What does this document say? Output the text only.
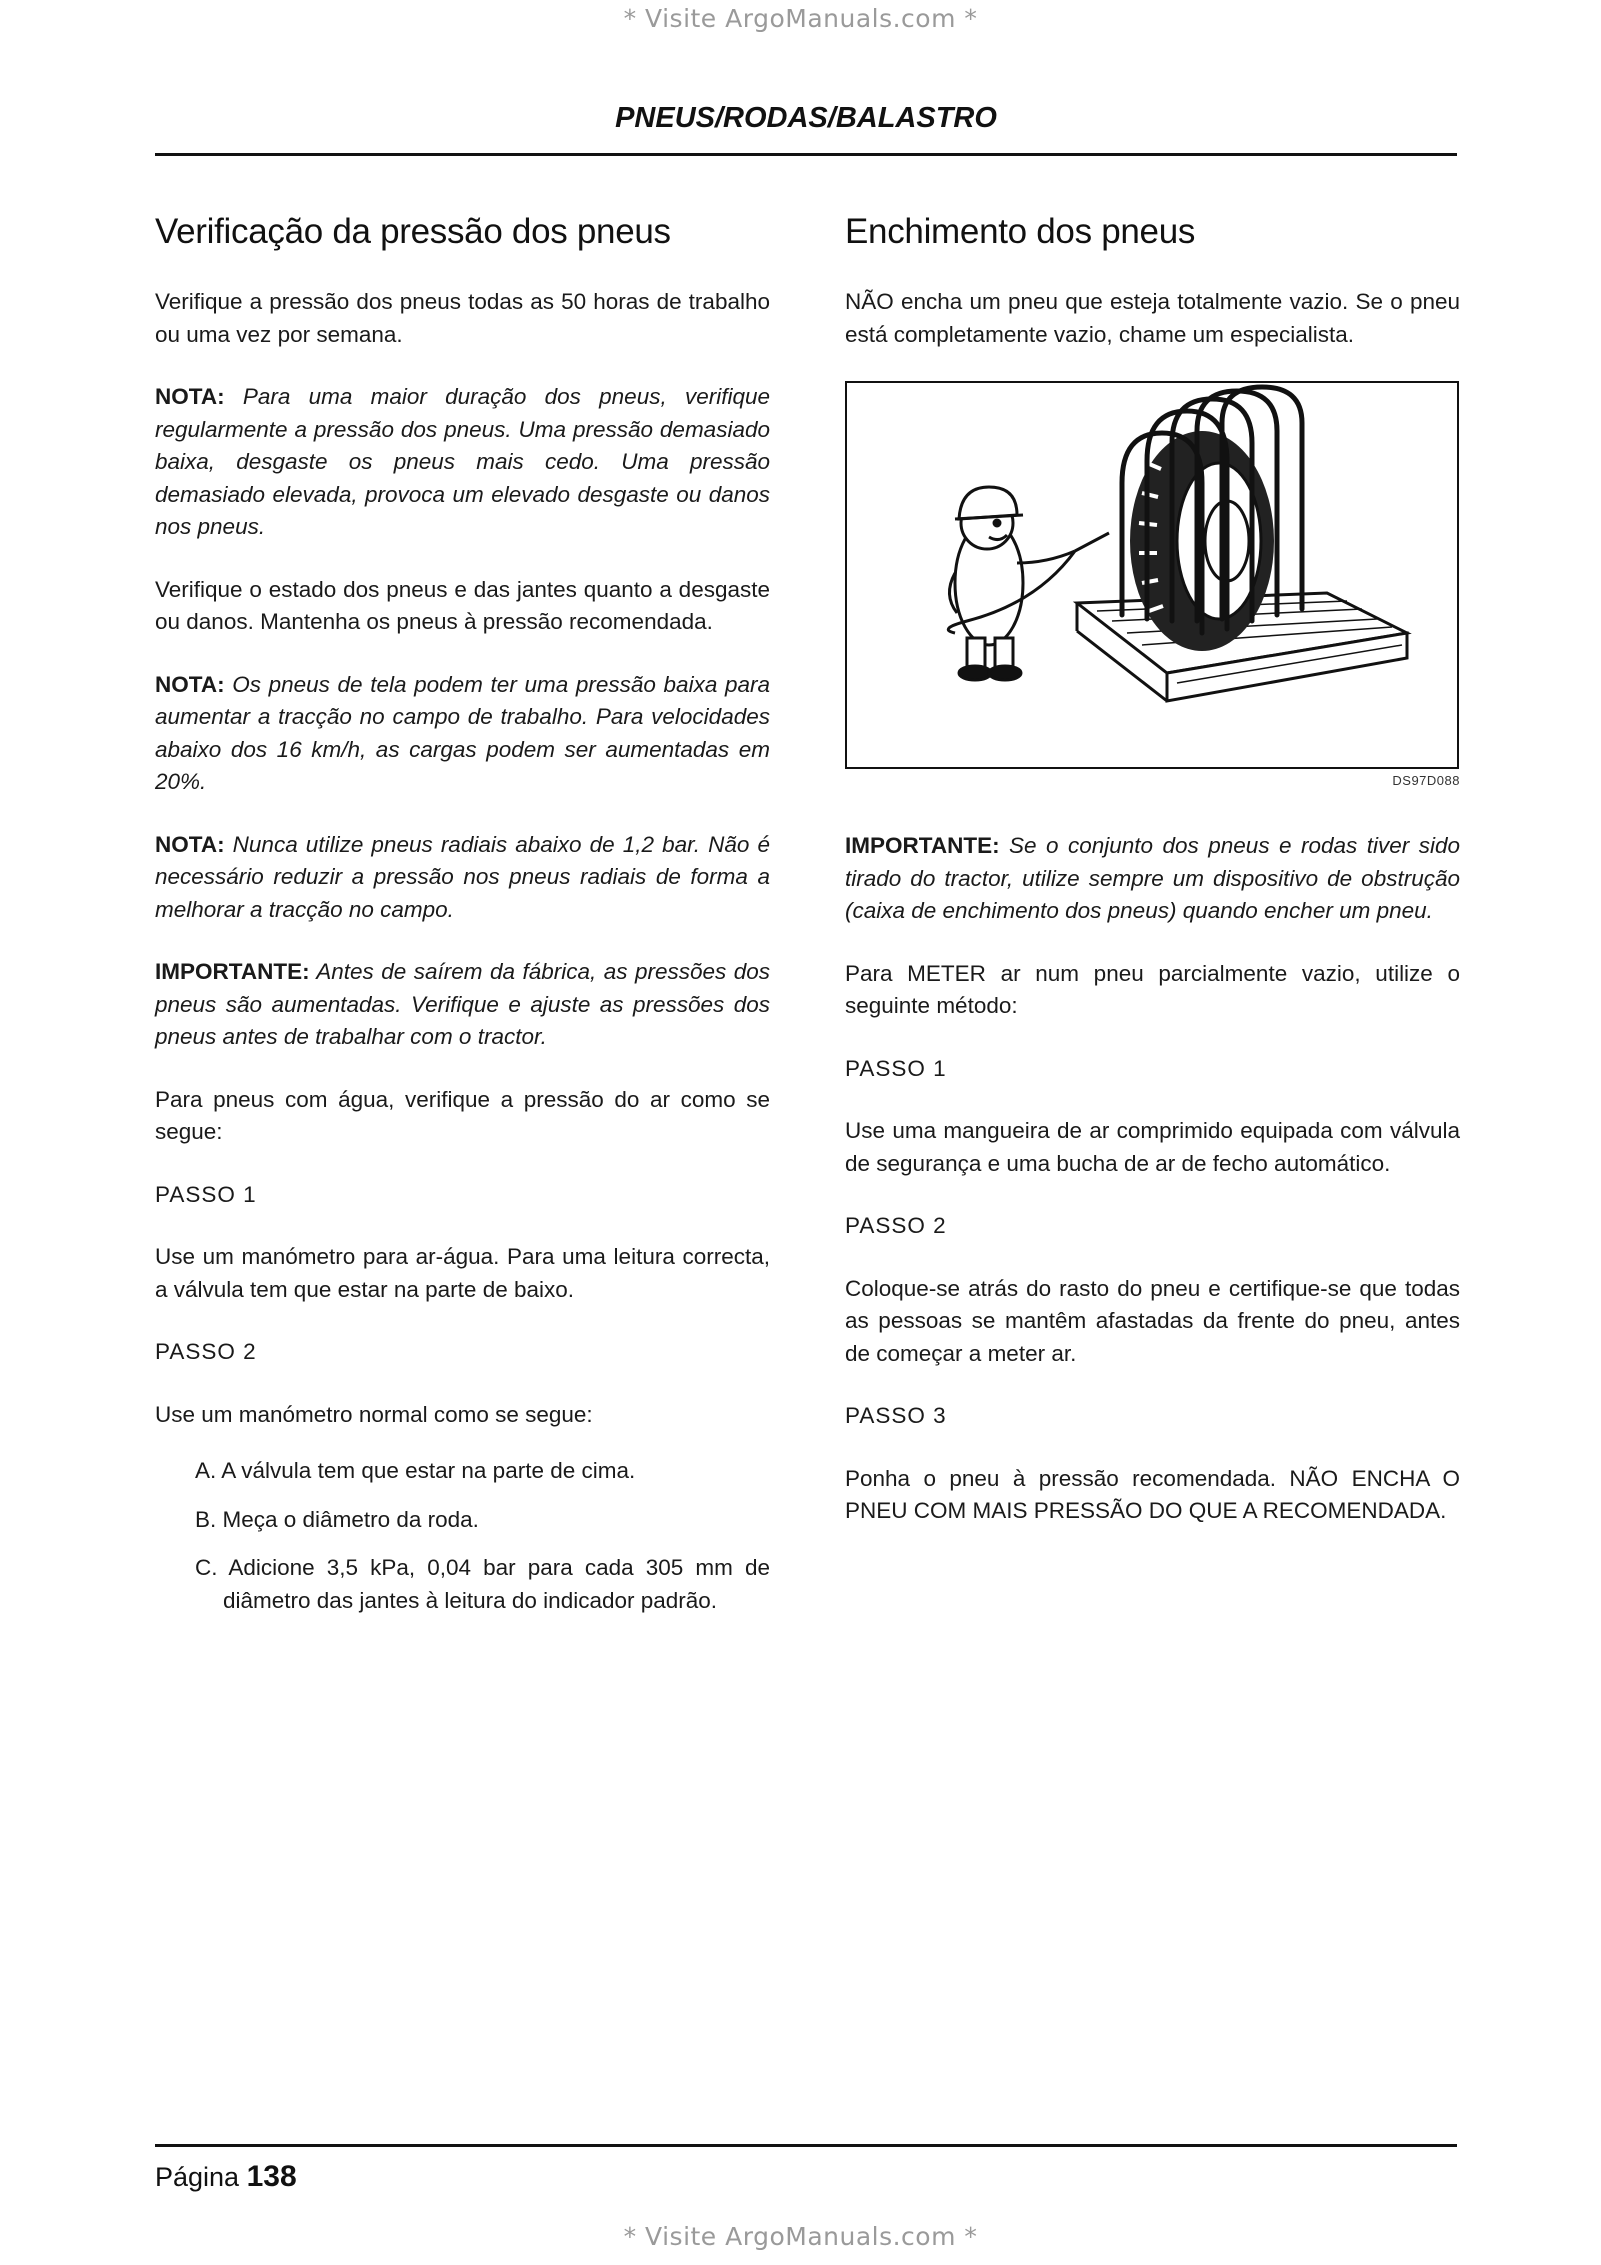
* Visite ArgoManuals.com *
PNEUS/RODAS/BALASTRO
Verificação da pressão dos pneus

Verifique a pressão dos pneus todas as 50 horas de trabalho ou uma vez por semana.

NOTA: Para uma maior duração dos pneus, verifique regularmente a pressão dos pneus. Uma pressão demasiado baixa, desgaste os pneus mais cedo. Uma pressão demasiado elevada, provoca um elevado desgaste ou danos nos pneus.

Verifique o estado dos pneus e das jantes quanto a desgaste ou danos. Mantenha os pneus à pressão recomendada.

NOTA: Os pneus de tela podem ter uma pressão baixa para aumentar a tracção no campo de trabalho. Para velocidades abaixo dos 16 km/h, as cargas podem ser aumentadas em 20%.

NOTA: Nunca utilize pneus radiais abaixo de 1,2 bar. Não é necessário reduzir a pressão nos pneus radiais de forma a melhorar a tracção no campo.

IMPORTANTE: Antes de saírem da fábrica, as pressões dos pneus são aumentadas. Verifique e ajuste as pressões dos pneus antes de trabalhar com o tractor.

Para pneus com água, verifique a pressão do ar como se segue:

PASSO 1

Use um manómetro para ar-água. Para uma leitura correcta, a válvula tem que estar na parte de baixo.

PASSO 2

Use um manómetro normal como se segue:

A. A válvula tem que estar na parte de cima.
B. Meça o diâmetro da roda.
C. Adicione 3,5 kPa, 0,04 bar para cada 305 mm de diâmetro das jantes à leitura do indicador padrão.
Enchimento dos pneus

NÃO encha um pneu que esteja totalmente vazio. Se o pneu está completamente vazio, chame um especialista.

DS97D088

IMPORTANTE: Se o conjunto dos pneus e rodas tiver sido tirado do tractor, utilize sempre um dispositivo de obstrução (caixa de enchimento dos pneus) quando encher um pneu.

Para METER ar num pneu parcialmente vazio, utilize o seguinte método:

PASSO 1

Use uma mangueira de ar comprimido equipada com válvula de segurança e uma bucha de ar de fecho automático.

PASSO 2

Coloque-se atrás do rasto do pneu e certifique-se que todas as pessoas se mantêm afastadas da frente do pneu, antes de começar a meter ar.

PASSO 3

Ponha o pneu à pressão recomendada. NÃO ENCHA O PNEU COM MAIS PRESSÃO DO QUE A RECOMENDADA.

Página 138
* Visite ArgoManuals.com *
